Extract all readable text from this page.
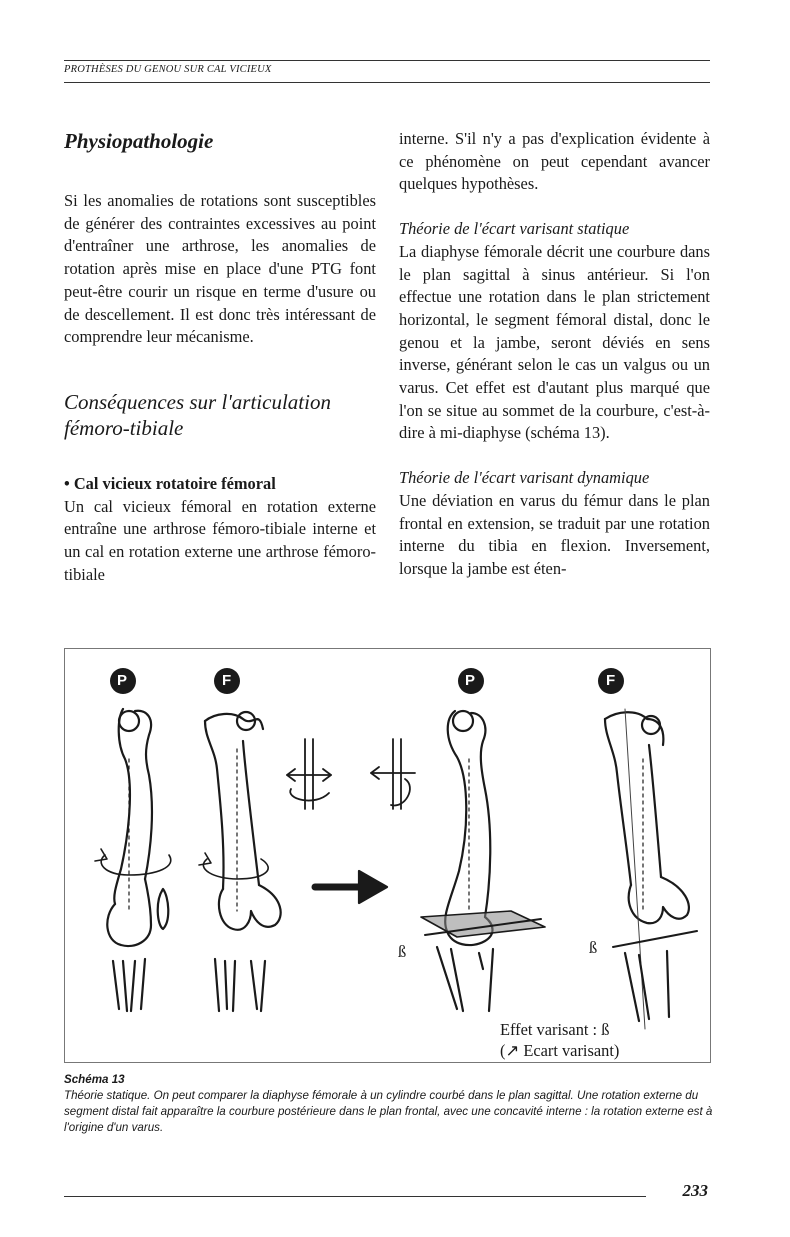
PROTHÈSES DU GENOU SUR CAL VICIEUX
Physiopathologie

Si les anomalies de rotations sont susceptibles de générer des contraintes excessives au point d'entraîner une arthrose, les anomalies de rotation après mise en place d'une PTG font peut-être courir un risque en terme d'usure ou de descellement. Il est donc très intéressant de comprendre leur mécanisme.

Conséquences sur l'articulation fémoro-tibiale

• Cal vicieux rotatoire fémoral

Un cal vicieux fémoral en rotation externe entraîne une arthrose fémoro-tibiale interne et un cal en rotation externe une arthrose fémoro-tibiale

interne. S'il n'y a pas d'explication évidente à ce phénomène on peut cependant avancer quelques hypothèses.

Théorie de l'écart varisant statique

La diaphyse fémorale décrit une courbure dans le plan sagittal à sinus antérieur. Si l'on effectue une rotation dans le plan strictement horizontal, le segment fémoral distal, donc le genou et la jambe, seront déviés en sens inverse, générant selon le cas un valgus ou un varus. Cet effet est d'autant plus marqué que l'on se situe au sommet de la courbure, c'est-à-dire à mi-diaphyse (schéma 13).

Théorie de l'écart varisant dynamique

Une déviation en varus du fémur dans le plan frontal en extension, se traduit par une rotation interne du tibia en flexion. Inversement, lorsque la jambe est éten-

P	F	P	F
ß	ß
Effet varisant : ß
(↗ Ecart varisant)

Schéma 13

Théorie statique. On peut comparer la diaphyse fémorale à un cylindre courbé dans le plan sagittal. Une rotation externe du segment distal fait apparaître la courbure postérieure dans le plan frontal, avec une concavité interne : la rotation externe est à l'origine d'un varus.

233
